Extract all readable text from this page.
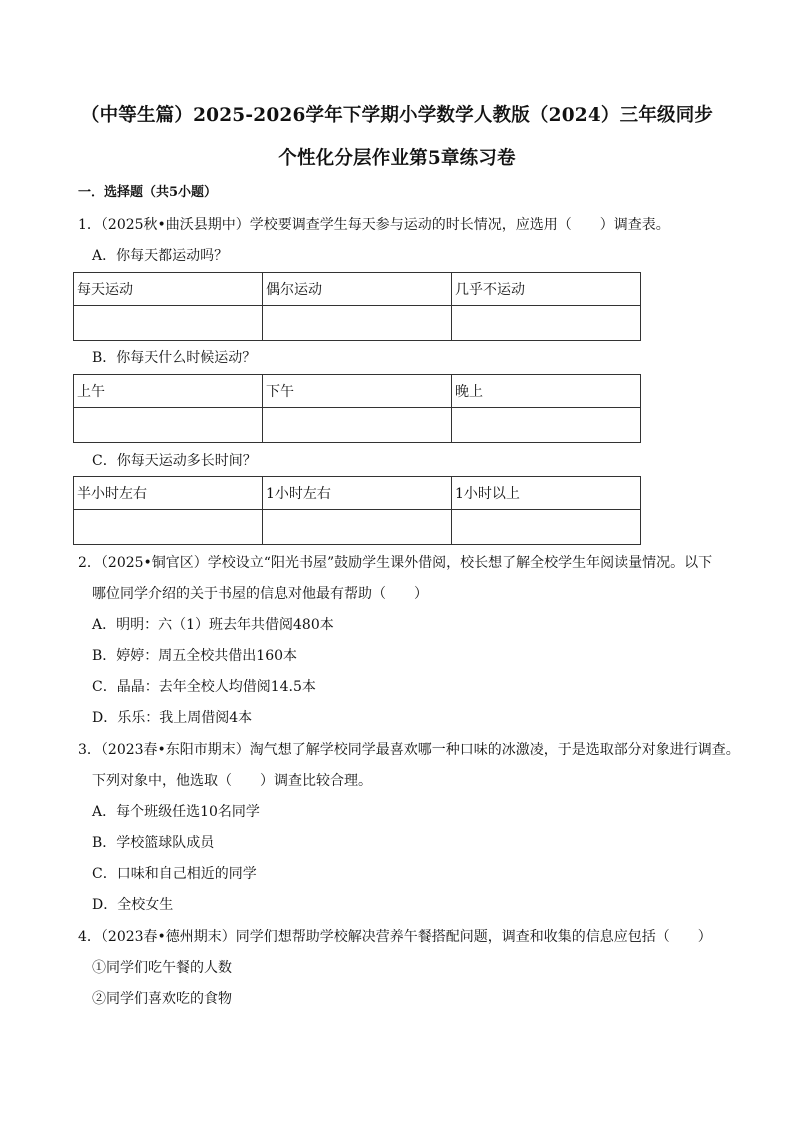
（中等生篇）2025-2026学年下学期小学数学人教版（2024）三年级同步
个性化分层作业第5章练习卷
一．选择题（共5小题）
1．（2025秋•曲沃县期中）学校要调查学生每天参与运动的时长情况，应选用（　　）调查表。
A．你每天都运动吗？
每天运动	偶尔运动	几乎不运动

B．你每天什么时候运动？
上午	下午	晚上

C．你每天运动多长时间？
半小时左右	1小时左右	1小时以上

2．（2025•铜官区）学校设立“阳光书屋”鼓励学生课外借阅，校长想了解全校学生年阅读量情况。以下
哪位同学介绍的关于书屋的信息对他最有帮助（　　）
A．明明：六（1）班去年共借阅480本
B．婷婷：周五全校共借出160本
C．晶晶：去年全校人均借阅14.5本
D．乐乐：我上周借阅4本
3．（2023春•东阳市期末）淘气想了解学校同学最喜欢哪一种口味的冰激凌，于是选取部分对象进行调查。
下列对象中，他选取（　　）调查比较合理。
A．每个班级任选10名同学
B．学校篮球队成员
C．口味和自己相近的同学
D．全校女生
4．（2023春•德州期末）同学们想帮助学校解决营养午餐搭配问题，调查和收集的信息应包括（　　）
①同学们吃午餐的人数
②同学们喜欢吃的食物
